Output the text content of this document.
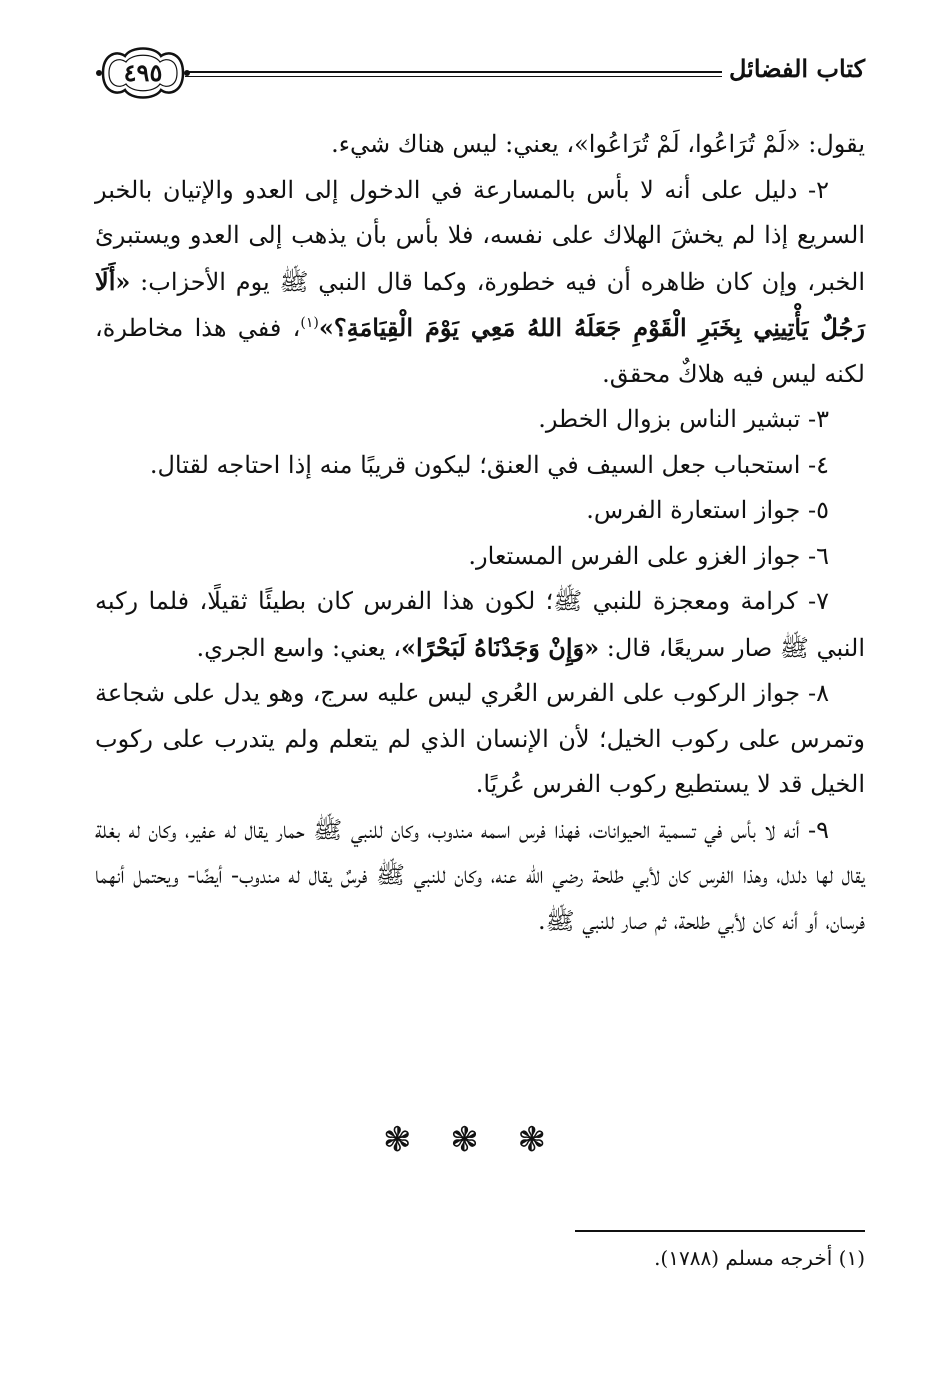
كتاب الفضائل
٤٩٥

يقول: «لَمْ تُرَاعُوا، لَمْ تُرَاعُوا»، يعني: ليس هناك شيء.

٢- دليل على أنه لا بأس بالمسارعة في الدخول إلى العدو والإتيان بالخبر السريع إذا لم يخشَ الهلاك على نفسه، فلا بأس بأن يذهب إلى العدو ويستبرئ الخبر، وإن كان ظاهره أن فيه خطورة، وكما قال النبي ﷺ يوم الأحزاب: «أَلَا رَجُلٌ يَأْتِينِي بِخَبَرِ الْقَوْمِ جَعَلَهُ اللهُ مَعِي يَوْمَ الْقِيَامَةِ؟»$^{(١)}$، ففي هذا مخاطرة، لكنه ليس فيه هلاكٌ محقق.

٣- تبشير الناس بزوال الخطر.

٤- استحباب جعل السيف في العنق؛ ليكون قريبًا منه إذا احتاجه لقتال.

٥- جواز استعارة الفرس.

٦- جواز الغزو على الفرس المستعار.

٧- كرامة ومعجزة للنبي ﷺ؛ لكون هذا الفرس كان بطيئًا ثقيلًا، فلما ركبه النبي ﷺ صار سريعًا، قال: «وَإِنْ وَجَدْنَاهُ لَبَحْرًا»، يعني: واسع الجري.

٨- جواز الركوب على الفرس العُري ليس عليه سرج، وهو يدل على شجاعة وتمرس على ركوب الخيل؛ لأن الإنسان الذي لم يتعلم ولم يتدرب على ركوب الخيل قد لا يستطيع ركوب الفرس عُريًا.

٩- أنه لا بأس في تسمية الحيوانات، فهذا فرس اسمه مندوب، وكان للنبي ﷺ حمار يقال له عفير، وكان له بغلة يقال لها دلدل، وهذا الفرس كان لأبي طلحة رضي الله عنه، وكان للنبي ﷺ فرسٌ يقال له مندوب- أيضًا- ويحتمل أنهما فرسان، أو أنه كان لأبي طلحة، ثم صار للنبي ﷺ.

❃ ❃ ❃
(١) أخرجه مسلم (١٧٨٨).
